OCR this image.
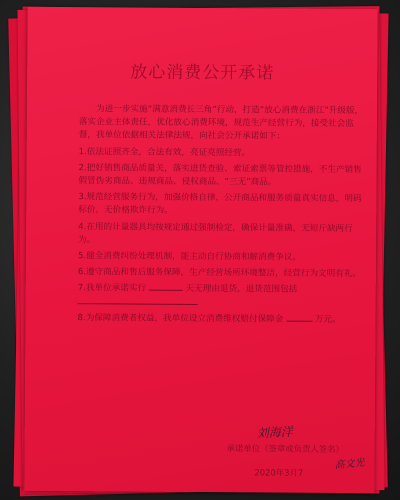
放心消费公开承诺

为进一步实施“满意消费长三角”行动，打造“放心消费在浙江”升级版，落实企业主体责任，优化放心消费环境，规范生产经营行为，接受社会监督，我单位依据相关法律法规，向社会公开承诺如下：

1.依法证照齐全，合法有效，亮证亮照经营。

2.把好销售商品质量关，落实进货查验、索证索票等管控措施，不生产销售假冒伪劣商品、违规商品、侵权商品、“三无”商品。

3.规范经营服务行为，加强价格自律，公开商品和服务质量真实信息，明码标价，无价格欺诈行为。

4.在用的计量器具均按规定通过强制检定，确保计量准确，无短斤缺两行为。

5.健全消费纠纷处理机制，能主动自行协商和解消费争议。

6.遵守商品和售后服务保障，生产经营场所环境整洁，经营行为文明有礼。

7.我单位承诺实行	天无理由退货，退货范围包括

8.为保障消费者权益，我单位设立消费维权赔付保障金	万元。

刘海洋
承诺单位（签章或负责人签名）
高文光
2020年3月7
